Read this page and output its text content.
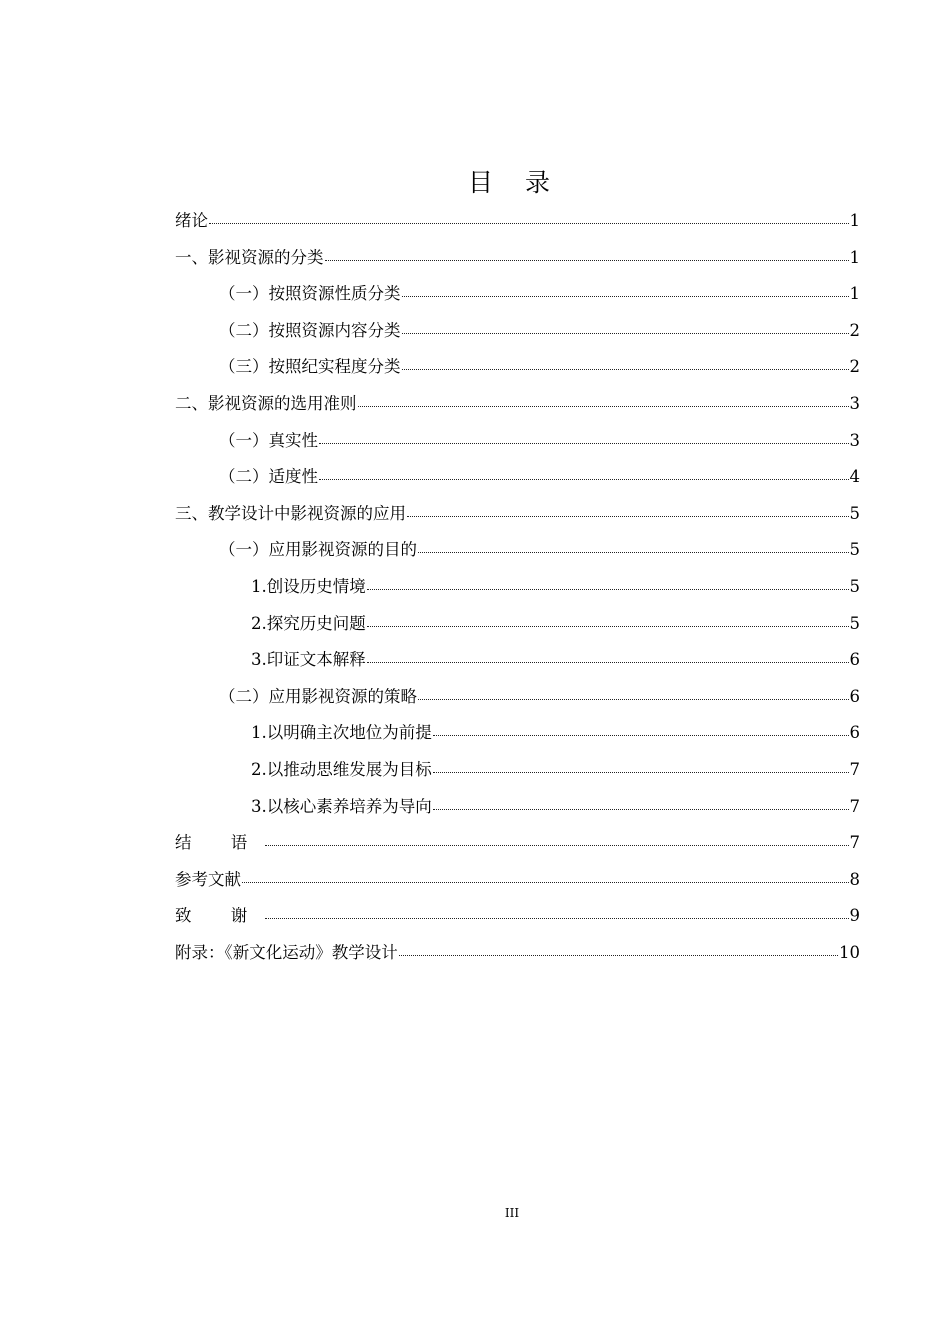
目 录
绪论	1
一、影视资源的分类	1
（一）按照资源性质分类	1
（二）按照资源内容分类	2
（三）按照纪实程度分类	2
二、影视资源的选用准则	3
（一）真实性	3
（二）适度性	4
三、教学设计中影视资源的应用	5
（一）应用影视资源的目的	5
1.创设历史情境	5
2.探究历史问题	5
3.印证文本解释	6
（二）应用影视资源的策略	6
1.以明确主次地位为前提	6
2.以推动思维发展为目标	7
3.以核心素养培养为导向	7
结 语	7
参考文献	8
致 谢	9
附录：《新文化运动》教学设计	10
III
